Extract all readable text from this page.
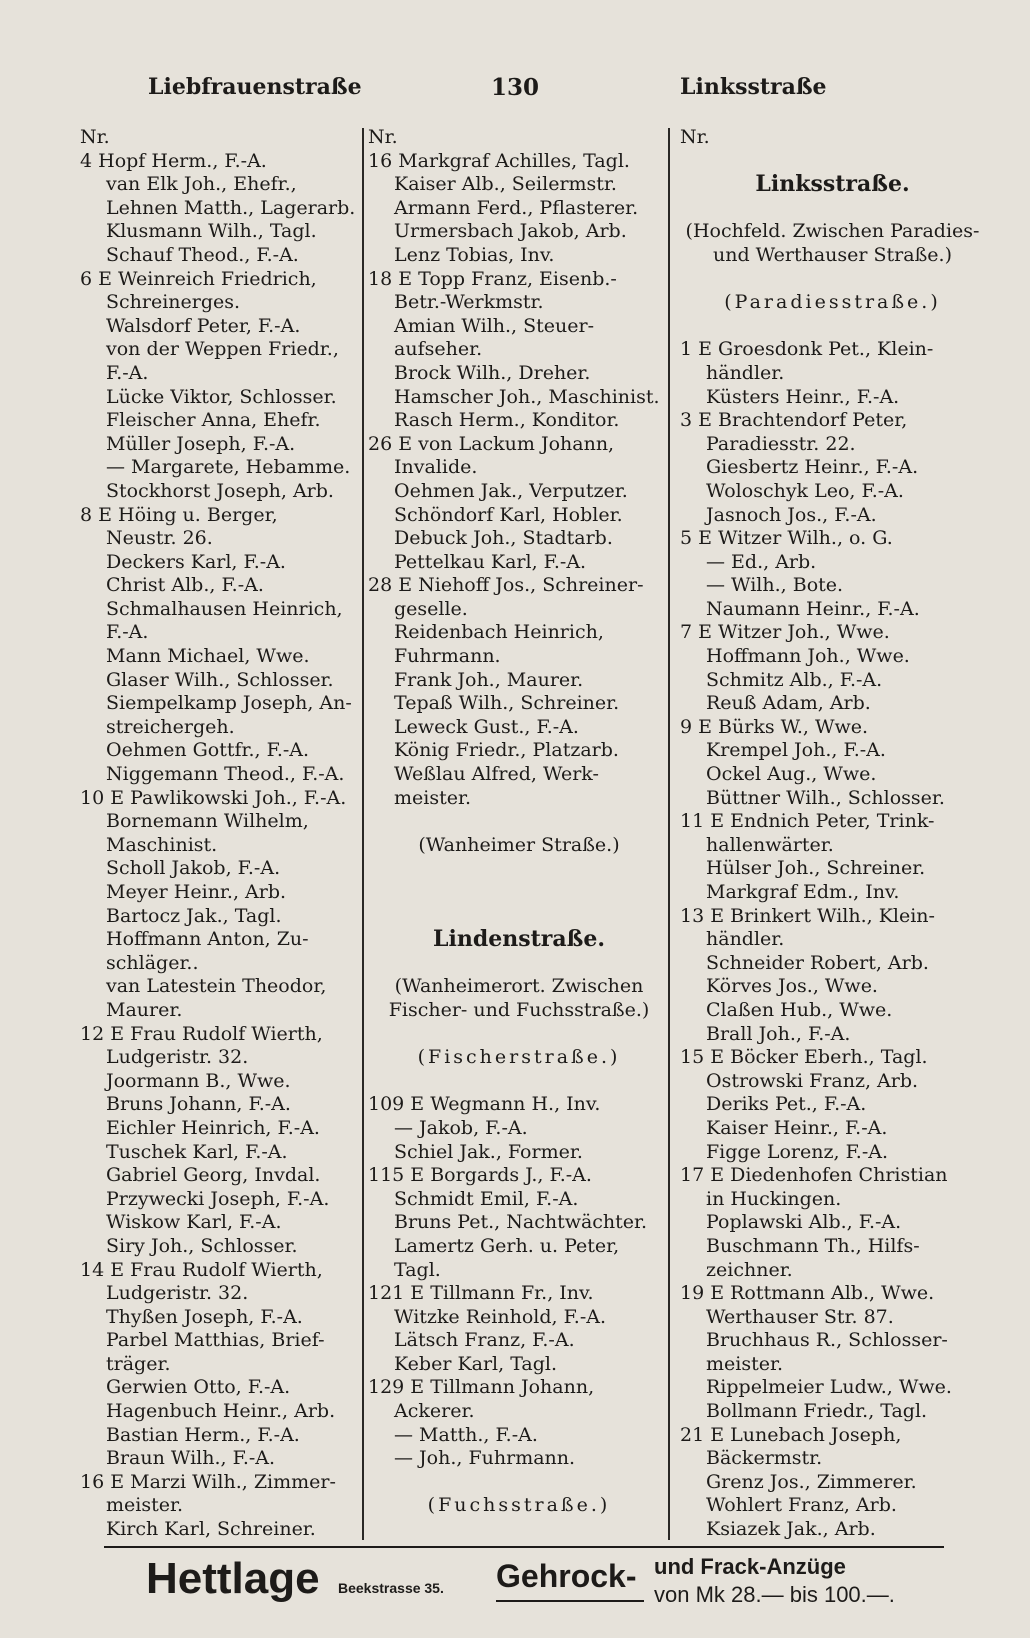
Liebfrauenstraße	130	Linksstraße
Nr.
4 Hopf Herm., F.-A.
van Elk Joh., Ehefr.,
Lehnen Matth., Lagerarb.
Klusmann Wilh., Tagl.
Schauf Theod., F.-A.
6 E Weinreich Friedrich,
Schreinerges.
Walsdorf Peter, F.-A.
von der Weppen Friedr.,
F.-A.
Lücke Viktor, Schlosser.
Fleischer Anna, Ehefr.
Müller Joseph, F.-A.
— Margarete, Hebamme.
Stockhorst Joseph, Arb.
8 E Höing u. Berger,
Neustr. 26.
Deckers Karl, F.-A.
Christ Alb., F.-A.
Schmalhausen Heinrich,
F.-A.
Mann Michael, Wwe.
Glaser Wilh., Schlosser.
Siempelkamp Joseph, An-
streichergeh.
Oehmen Gottfr., F.-A.
Niggemann Theod., F.-A.
10 E Pawlikowski Joh., F.-A.
Bornemann Wilhelm,
Maschinist.
Scholl Jakob, F.-A.
Meyer Heinr., Arb.
Bartocz Jak., Tagl.
Hoffmann Anton, Zu-
schläger..
van Latestein Theodor,
Maurer.
12 E Frau Rudolf Wierth,
Ludgeristr. 32.
Joormann B., Wwe.
Bruns Johann, F.-A.
Eichler Heinrich, F.-A.
Tuschek Karl, F.-A.
Gabriel Georg, Invdal.
Przywecki Joseph, F.-A.
Wiskow Karl, F.-A.
Siry Joh., Schlosser.
14 E Frau Rudolf Wierth,
Ludgeristr. 32.
Thyßen Joseph, F.-A.
Parbel Matthias, Brief-
träger.
Gerwien Otto, F.-A.
Hagenbuch Heinr., Arb.
Bastian Herm., F.-A.
Braun Wilh., F.-A.
16 E Marzi Wilh., Zimmer-
meister.
Kirch Karl, Schreiner.
Nr.
16 Markgraf Achilles, Tagl.
Kaiser Alb., Seilermstr.
Armann Ferd., Pflasterer.
Urmersbach Jakob, Arb.
Lenz Tobias, Inv.
18 E Topp Franz, Eisenb.-
Betr.-Werkmstr.
Amian Wilh., Steuer-
aufseher.
Brock Wilh., Dreher.
Hamscher Joh., Maschinist.
Rasch Herm., Konditor.
26 E von Lackum Johann,
Invalide.
Oehmen Jak., Verputzer.
Schöndorf Karl, Hobler.
Debuck Joh., Stadtarb.
Pettelkau Karl, F.-A.
28 E Niehoff Jos., Schreiner-
geselle.
Reidenbach Heinrich,
Fuhrmann.
Frank Joh., Maurer.
Tepaß Wilh., Schreiner.
Leweck Gust., F.-A.
König Friedr., Platzarb.
Weßlau Alfred, Werk-
meister.
(Wanheimer Straße.)
Lindenstraße.
(Wanheimerort. Zwischen
Fischer- und Fuchsstraße.)
(Fischerstraße.)
109 E Wegmann H., Inv.
— Jakob, F.-A.
Schiel Jak., Former.
115 E Borgards J., F.-A.
Schmidt Emil, F.-A.
Bruns Pet., Nachtwächter.
Lamertz Gerh. u. Peter,
Tagl.
121 E Tillmann Fr., Inv.
Witzke Reinhold, F.-A.
Lätsch Franz, F.-A.
Keber Karl, Tagl.
129 E Tillmann Johann,
Ackerer.
— Matth., F.-A.
— Joh., Fuhrmann.
(Fuchsstraße.)
Nr.
Linksstraße.
(Hochfeld. Zwischen Paradies-
und Werthauser Straße.)
(Paradiesstraße.)
1 E Groesdonk Pet., Klein-
händler.
Küsters Heinr., F.-A.
3 E Brachtendorf Peter,
Paradiesstr. 22.
Giesbertz Heinr., F.-A.
Woloschyk Leo, F.-A.
Jasnoch Jos., F.-A.
5 E Witzer Wilh., o. G.
— Ed., Arb.
— Wilh., Bote.
Naumann Heinr., F.-A.
7 E Witzer Joh., Wwe.
Hoffmann Joh., Wwe.
Schmitz Alb., F.-A.
Reuß Adam, Arb.
9 E Bürks W., Wwe.
Krempel Joh., F.-A.
Ockel Aug., Wwe.
Büttner Wilh., Schlosser.
11 E Endnich Peter, Trink-
hallenwärter.
Hülser Joh., Schreiner.
Markgraf Edm., Inv.
13 E Brinkert Wilh., Klein-
händler.
Schneider Robert, Arb.
Körves Jos., Wwe.
Claßen Hub., Wwe.
Brall Joh., F.-A.
15 E Böcker Eberh., Tagl.
Ostrowski Franz, Arb.
Deriks Pet., F.-A.
Kaiser Heinr., F.-A.
Figge Lorenz, F.-A.
17 E Diedenhofen Christian
in Huckingen.
Poplawski Alb., F.-A.
Buschmann Th., Hilfs-
zeichner.
19 E Rottmann Alb., Wwe.
Werthauser Str. 87.
Bruchhaus R., Schlosser-
meister.
Rippelmeier Ludw., Wwe.
Bollmann Friedr., Tagl.
21 E Lunebach Joseph,
Bäckermstr.
Grenz Jos., Zimmerer.
Wohlert Franz, Arb.
Ksiazek Jak., Arb.
Hettlage Beekstrasse 35. Gehrock- und Frack-Anzüge
von Mk 28.— bis 100.—.
